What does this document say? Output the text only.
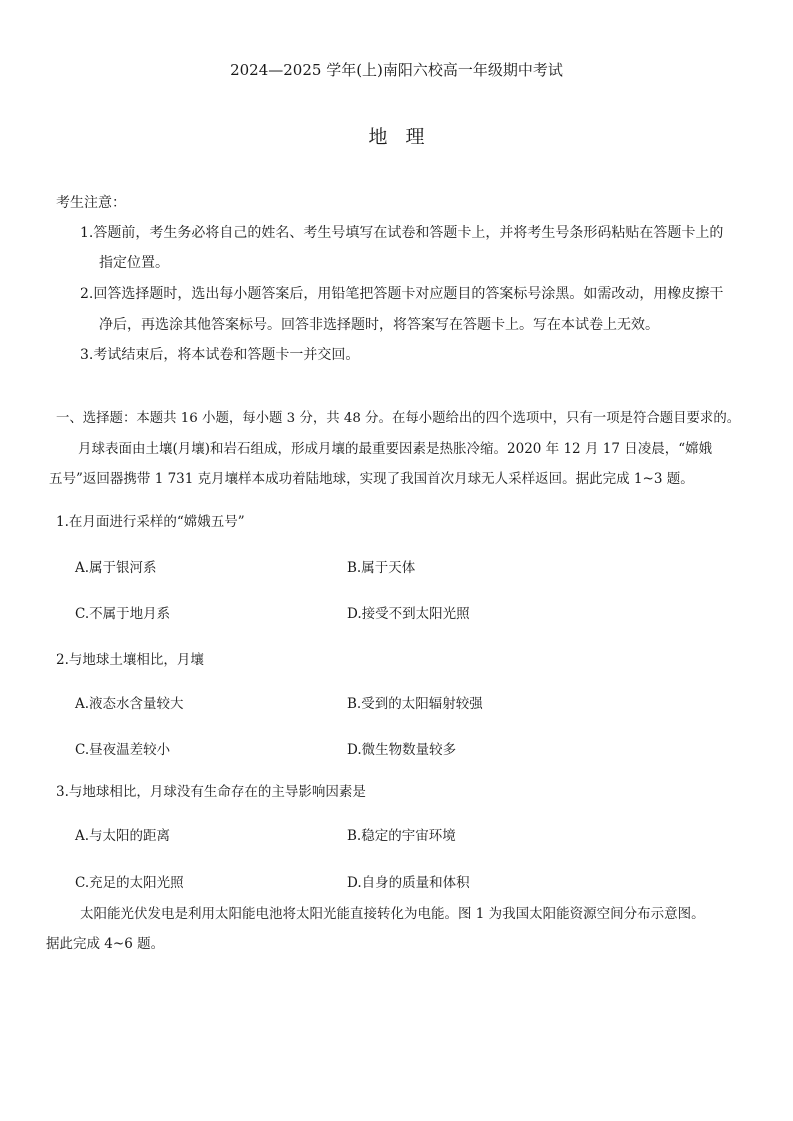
2024—2025 学年(上)南阳六校高一年级期中考试
地理
考生注意：
1.答题前，考生务必将自己的姓名、考生号填写在试卷和答题卡上，并将考生号条形码粘贴在答题卡上的
指定位置。
2.回答选择题时，选出每小题答案后，用铅笔把答题卡对应题目的答案标号涂黑。如需改动，用橡皮擦干
净后，再选涂其他答案标号。回答非选择题时，将答案写在答题卡上。写在本试卷上无效。
3.考试结束后，将本试卷和答题卡一并交回。
一、选择题：本题共 16 小题，每小题 3 分，共 48 分。在每小题给出的四个选项中，只有一项是符合题目要求的。
月球表面由土壤(月壤)和岩石组成，形成月壤的最重要因素是热胀冷缩。2020 年 12 月 17 日凌晨，“嫦娥
五号”返回器携带 1 731 克月壤样本成功着陆地球，实现了我国首次月球无人采样返回。据此完成 1~3 题。
1.在月面进行采样的“嫦娥五号”
A.属于银河系	B.属于天体
C.不属于地月系	D.接受不到太阳光照
2.与地球土壤相比，月壤
A.液态水含量较大	B.受到的太阳辐射较强
C.昼夜温差较小	D.微生物数量较多
3.与地球相比，月球没有生命存在的主导影响因素是
A.与太阳的距离	B.稳定的宇宙环境
C.充足的太阳光照	D.自身的质量和体积
太阳能光伏发电是利用太阳能电池将太阳光能直接转化为电能。图 1 为我国太阳能资源空间分布示意图。
据此完成 4~6 题。
